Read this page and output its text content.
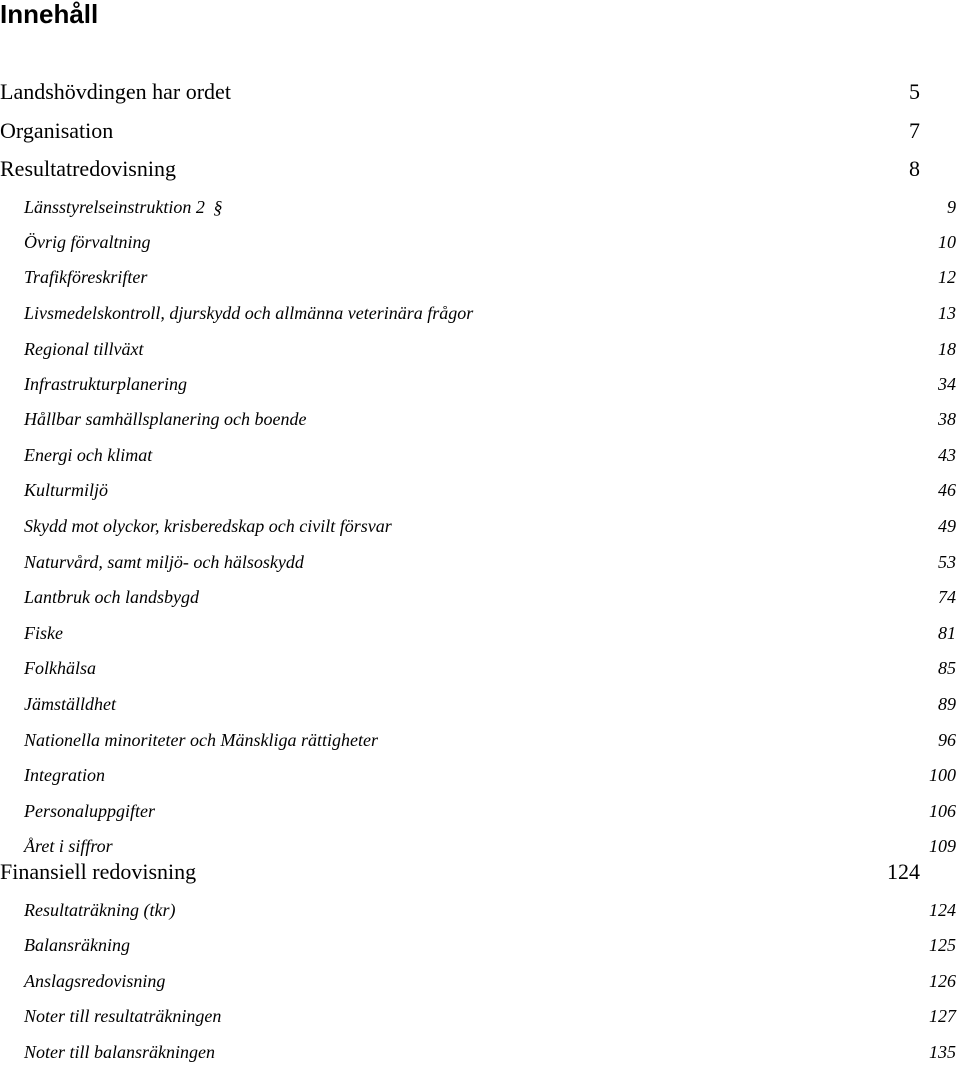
Innehåll
Landshövdingen har ordet	5
Organisation	7
Resultatredovisning	8
Länsstyrelseinstruktion 2 §	9
Övrig förvaltning	10
Trafikföreskrifter	12
Livsmedelskontroll, djurskydd och allmänna veterinära frågor	13
Regional tillväxt	18
Infrastrukturplanering	34
Hållbar samhällsplanering och boende	38
Energi och klimat	43
Kulturmiljö	46
Skydd mot olyckor, krisberedskap och civilt försvar	49
Naturvård, samt miljö- och hälsoskydd	53
Lantbruk och landsbygd	74
Fiske	81
Folkhälsa	85
Jämställdhet	89
Nationella minoriteter och Mänskliga rättigheter	96
Integration	100
Personaluppgifter	106
Året i siffror	109
Finansiell redovisning	124
Resultaträkning (tkr)	124
Balansräkning	125
Anslagsredovisning	126
Noter till resultaträkningen	127
Noter till balansräkningen	135
